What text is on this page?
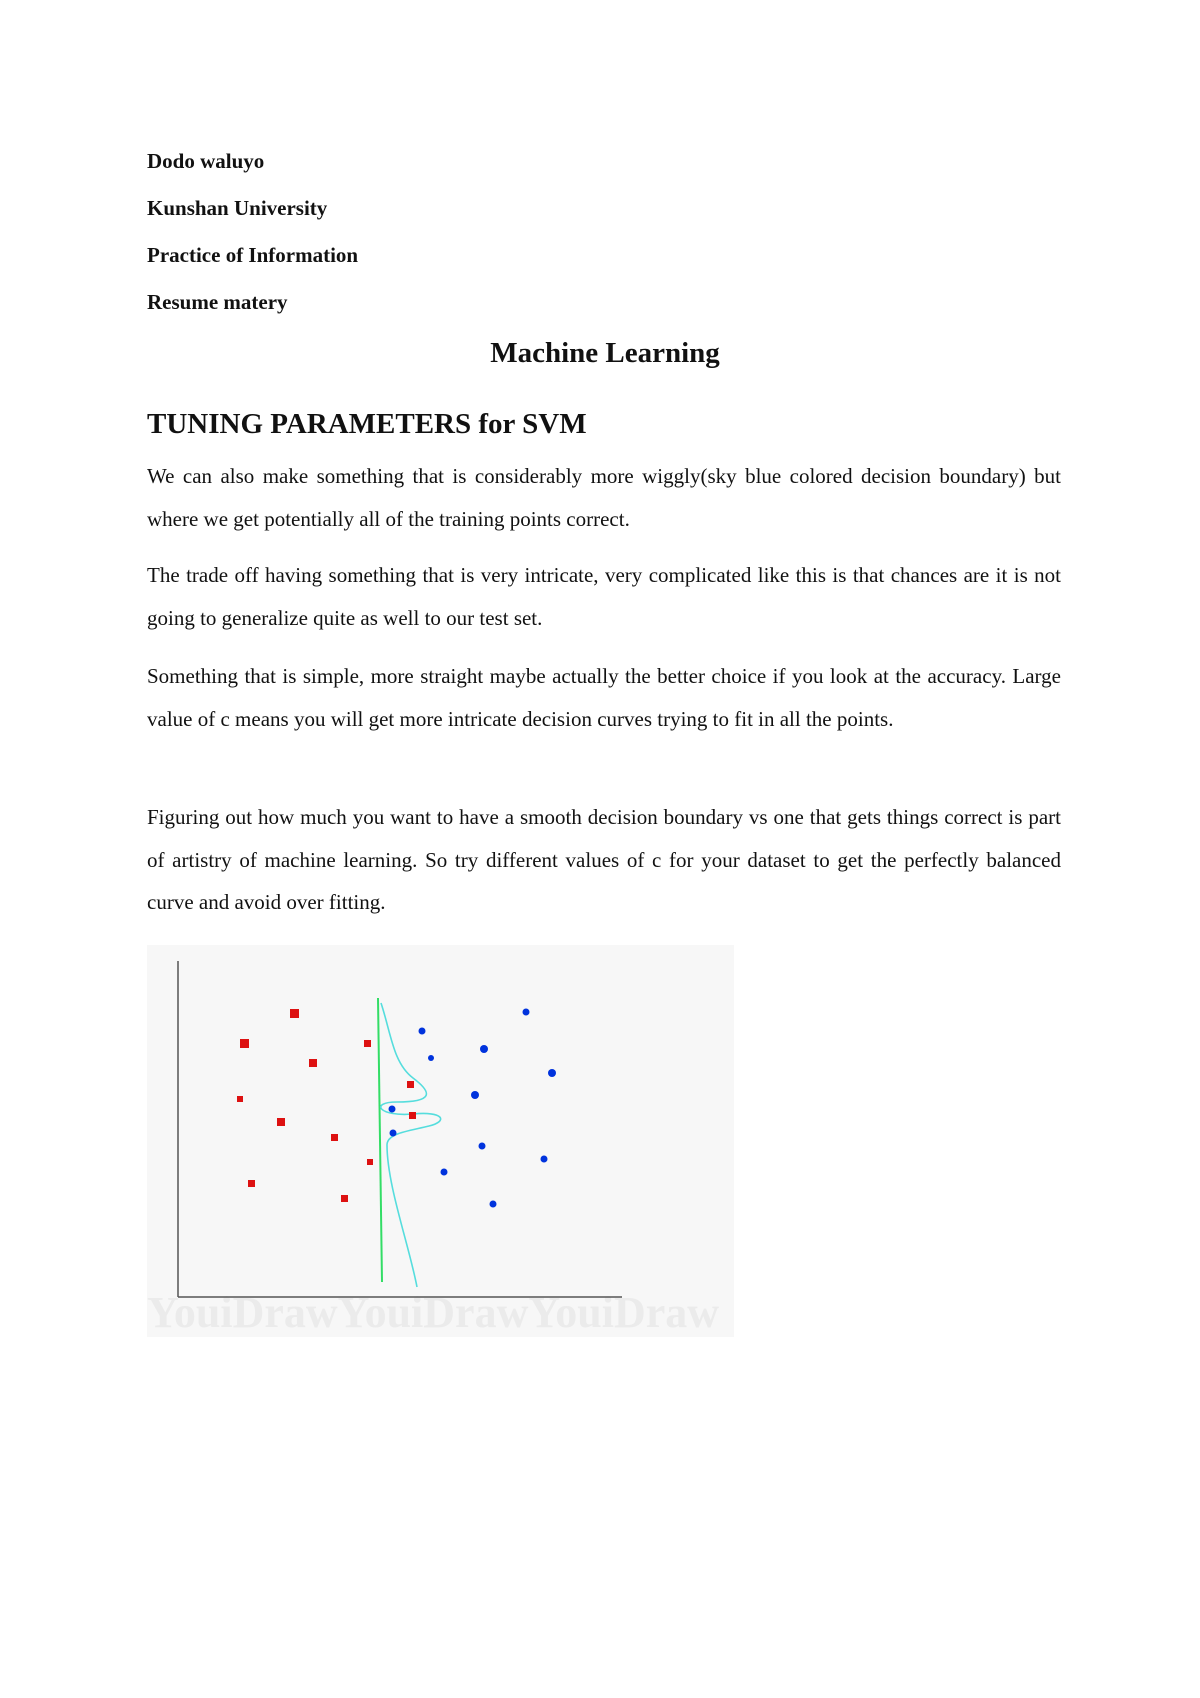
Dodo waluyo

Kunshan University

Practice of Information

Resume matery

Machine Learning
TUNING PARAMETERS for SVM

We can also make something that is considerably more wiggly(sky blue colored decision boundary) but where we get potentially all of the training points correct.

The trade off having something that is very intricate, very complicated like this is that chances are it is not going to generalize quite as well to our test set.

Something that is simple, more straight maybe actually the better choice if you look at the accuracy. Large value of c means you will get more intricate decision curves trying to fit in all the points.

Figuring out how much you want to have a smooth decision boundary vs one that gets things correct is part of artistry of machine learning. So try different values of c for your dataset to get the perfectly balanced curve and avoid over fitting.

YouiDrawYouiDrawYouiDraw
